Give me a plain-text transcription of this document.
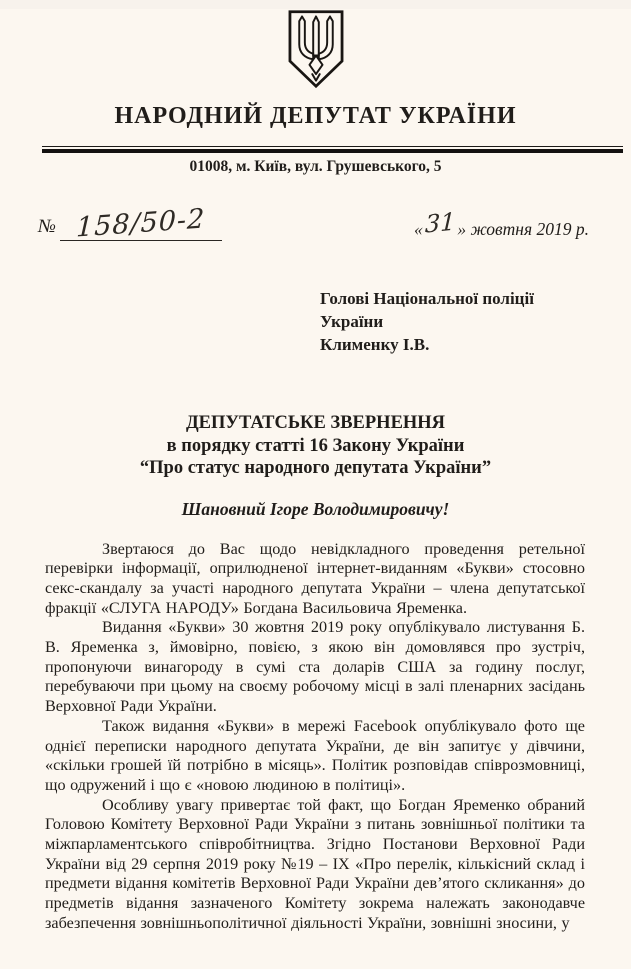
НАРОДНИЙ ДЕПУТАТ УКРАЇНИ
01008, м. Київ, вул. Грушевського, 5
№ 158/50-2	«31» жовтня 2019 р.
Голові Національної поліції
України
Клименку І.В.
ДЕПУТАТСЬКЕ ЗВЕРНЕННЯ
в порядку статті 16 Закону України
“Про статус народного депутата України”
Шановний Ігоре Володимировичу!

Звертаюся до Вас щодо невідкладного проведення ретельної перевірки інформації, оприлюдненої інтернет-виданням «Букви» стосовно секс-скандалу за участі народного депутата України – члена депутатської фракції «СЛУГА НАРОДУ» Богдана Васильовича Яременка.

Видання «Букви» 30 жовтня 2019 року опублікувало листування Б. В. Яременка з, ймовірно, повією, з якою він домовлявся про зустріч, пропонуючи винагороду в сумі ста доларів США за годину послуг, перебуваючи при цьому на своєму робочому місці в залі пленарних засідань Верховної Ради України.

Також видання «Букви» в мережі Facebook опублікувало фото ще однієї переписки народного депутата України, де він запитує у дівчини, «скільки грошей їй потрібно в місяць». Політик розповідав співрозмовниці, що одружений і що є «новою людиною в політиці».

Особливу увагу привертає той факт, що Богдан Яременко обраний Головою Комітету Верховної Ради України з питань зовнішньої політики та міжпарламентського співробітництва. Згідно Постанови Верховної Ради України від 29 серпня 2019 року №19 – IX «Про перелік, кількісний склад і предмети відання комітетів Верховної Ради України дев’ятого скликання» до предметів відання зазначеного Комітету зокрема належать законодавче забезпечення зовнішньополітичної діяльності України, зовнішні зносини, у
